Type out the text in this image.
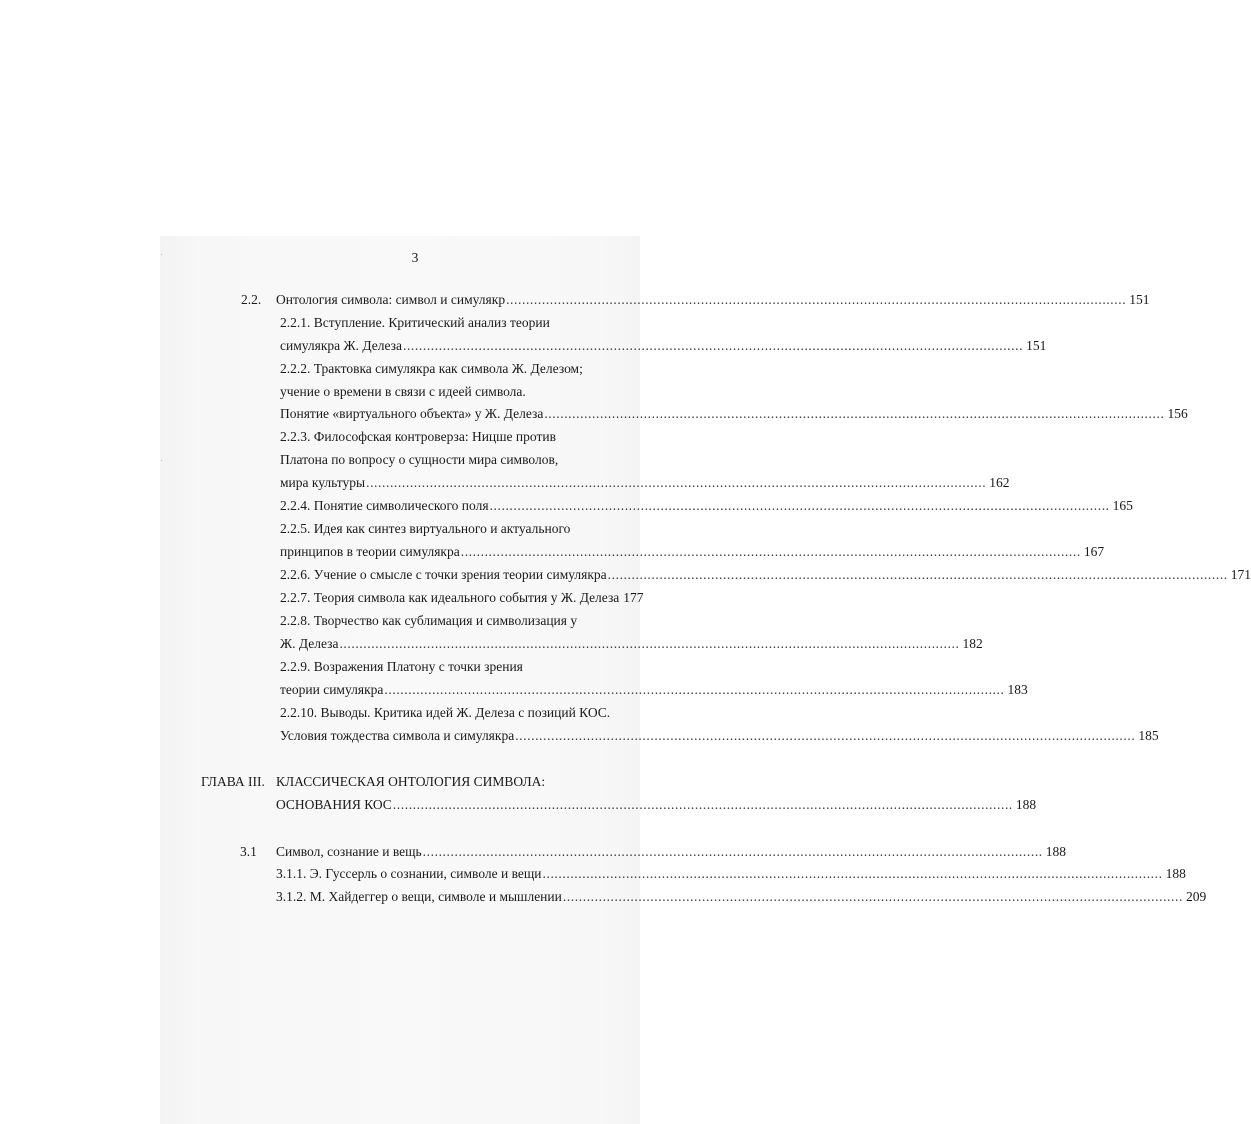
3
2.2. Онтология символа: символ и симулякр ............................................................................................................................................................ 151
2.2.1. Вступление. Критический анализ теории
симулякра Ж. Делеза ............................................................................................................................................................ 151
2.2.2. Трактовка симулякра как символа Ж. Делезом;
учение о времени в связи с идеей символа.
Понятие «виртуального объекта» у Ж. Делеза ............................................................................................................................................................ 156
2.2.3. Философская контроверза: Ницше против
Платона по вопросу о сущности мира символов,
мира культуры ............................................................................................................................................................ 162
2.2.4. Понятие символического поля ............................................................................................................................................................ 165
2.2.5. Идея как синтез виртуального и актуального
принципов в теории симулякра ............................................................................................................................................................ 167
2.2.6. Учение о смысле с точки зрения теории симулякра ............................................................................................................................................................ 171
2.2.7. Теория символа как идеального события у Ж. Делеза 177
2.2.8. Творчество как сублимация и символизация у
Ж. Делеза ............................................................................................................................................................ 182
2.2.9. Возражения Платону с точки зрения
теории симулякра ............................................................................................................................................................ 183
2.2.10. Выводы. Критика идей Ж. Делеза с позиций КОС.
Условия тождества символа и симулякра ............................................................................................................................................................ 185
ГЛАВА III. КЛАССИЧЕСКАЯ ОНТОЛОГИЯ СИМВОЛА:
ОСНОВАНИЯ КОС ............................................................................................................................................................ 188
3.1 Символ, сознание и вещь ............................................................................................................................................................ 188
3.1.1. Э. Гуссерль о сознании, символе и вещи ............................................................................................................................................................ 188
3.1.2. М. Хайдеггер о вещи, символе и мышлении ............................................................................................................................................................ 209
